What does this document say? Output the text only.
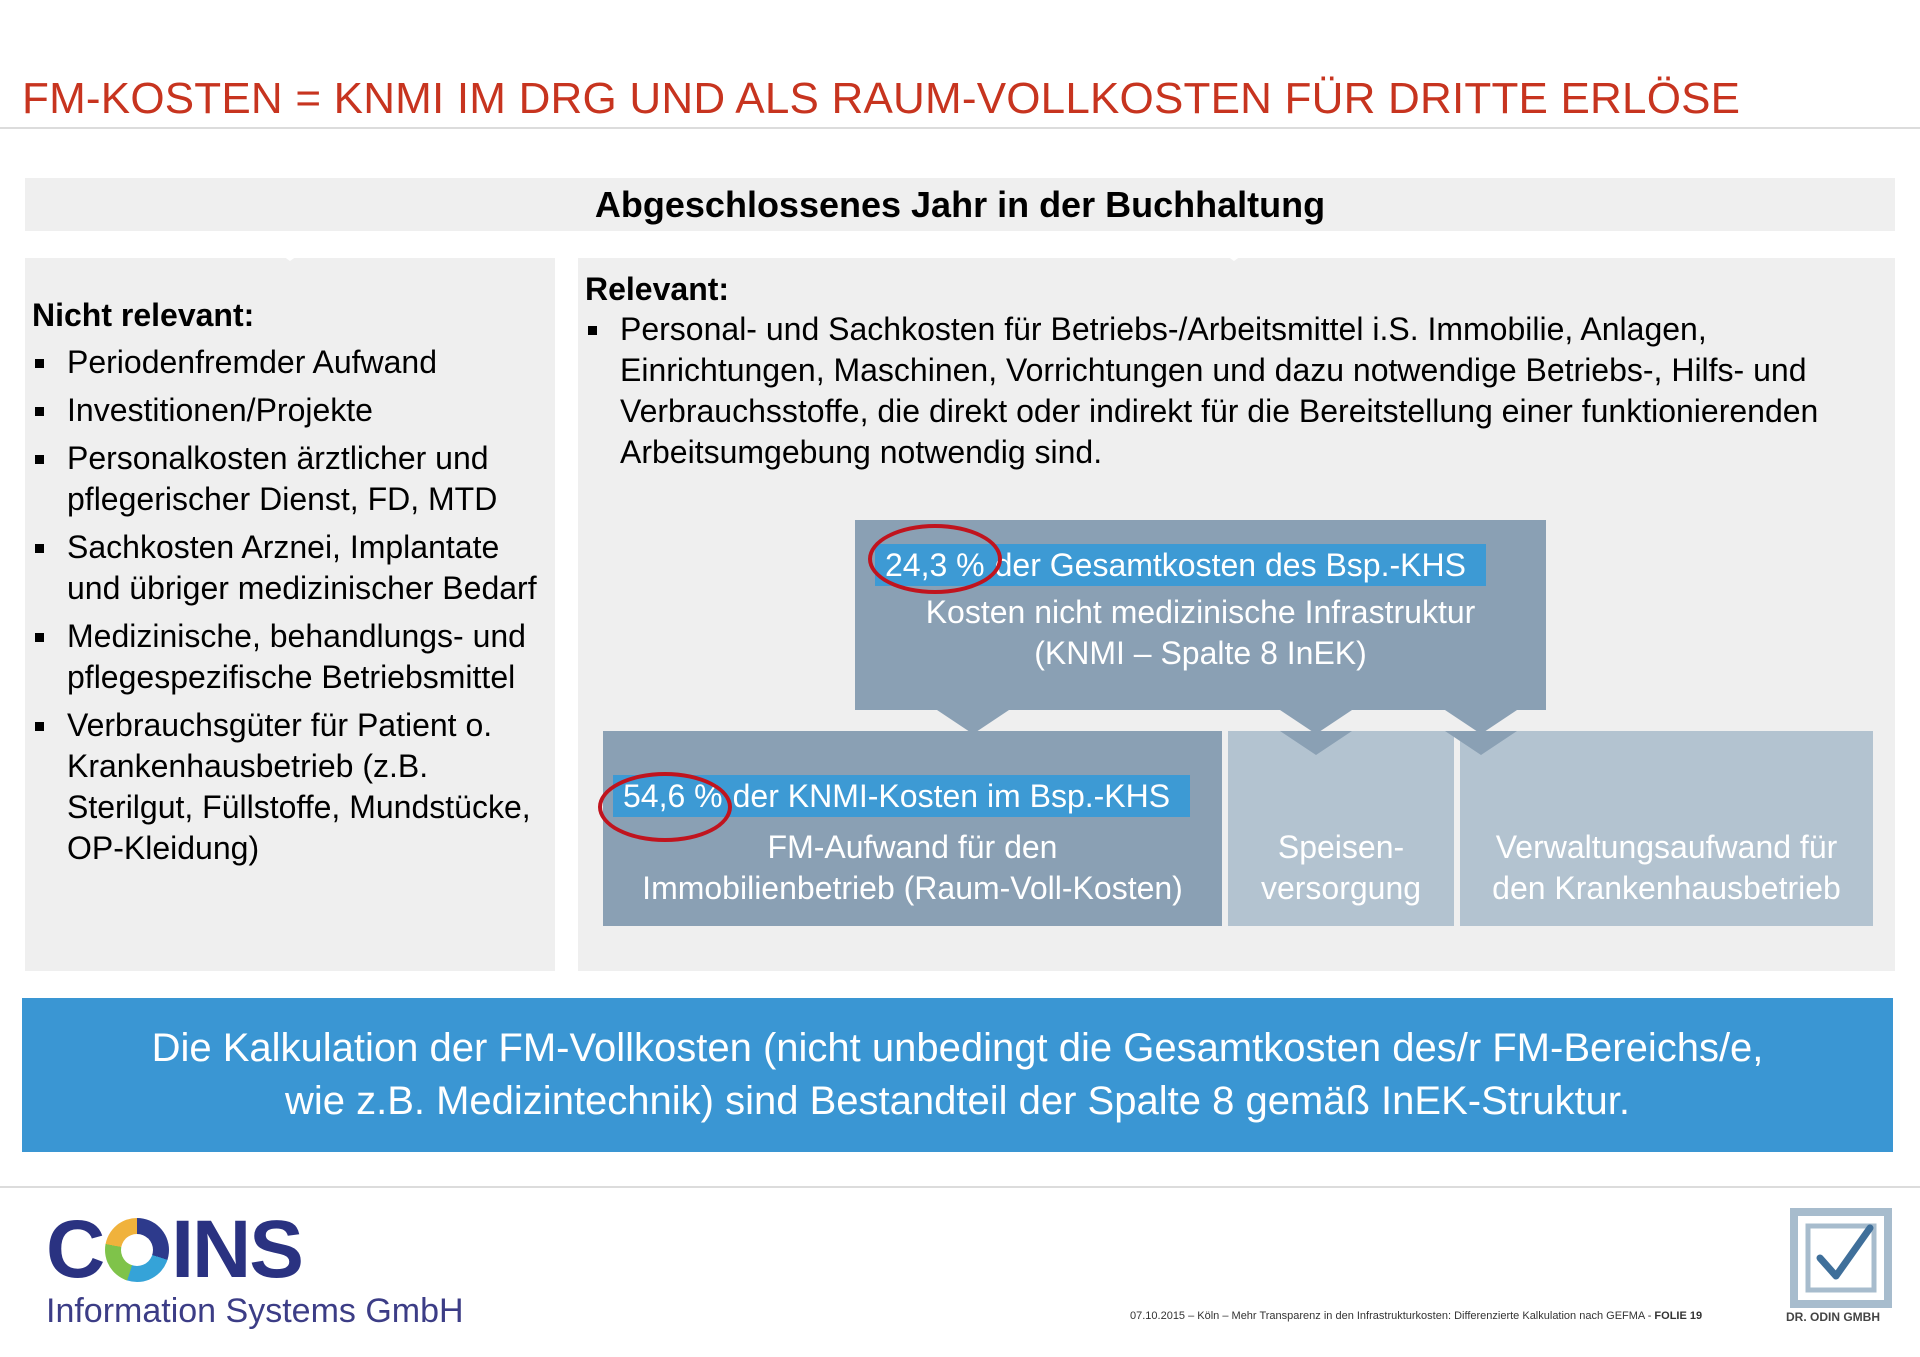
FM-KOSTEN = KNMI IM DRG UND ALS RAUM-VOLLKOSTEN FÜR DRITTE ERLÖSE
Abgeschlossenes Jahr in der Buchhaltung
Nicht relevant:
Periodenfremder Aufwand
Investitionen/Projekte
Personalkosten ärztlicher und pflegerischer Dienst, FD, MTD
Sachkosten Arznei, Implantate und übriger medizinischer Bedarf
Medizinische, behandlungs- und pflegespezifische Betriebsmittel
Verbrauchsgüter für Patient o. Krankenhausbetrieb (z.B. Sterilgut, Füllstoffe, Mundstücke, OP-Kleidung)
Relevant:
Personal- und Sachkosten für Betriebs-/Arbeitsmittel i.S. Immobilie, Anlagen, Einrichtungen, Maschinen, Vorrichtungen und dazu notwendige Betriebs-, Hilfs- und Verbrauchsstoffe, die direkt oder indirekt für die Bereitstellung einer funktionierenden Arbeitsumgebung notwendig sind.
24,3 % der Gesamtkosten des Bsp.-KHS
Kosten nicht medizinische Infrastruktur
(KNMI – Spalte 8 InEK)
54,6 % der KNMI-Kosten im Bsp.-KHS
FM-Aufwand für den
Immobilienbetrieb (Raum-Voll-Kosten)
Speisen-
versorgung
Verwaltungsaufwand für
den Krankenhausbetrieb
Die Kalkulation der FM-Vollkosten (nicht unbedingt die Gesamtkosten des/r FM-Bereichs/e,
wie z.B. Medizintechnik) sind Bestandteil der Spalte 8 gemäß InEK-Struktur.
C INS
Information Systems GmbH	07.10.2015 – Köln – Mehr Transparenz in den Infrastrukturkosten: Differenzierte Kalkulation nach GEFMA - FOLIE 19	DR. ODIN GMBH
